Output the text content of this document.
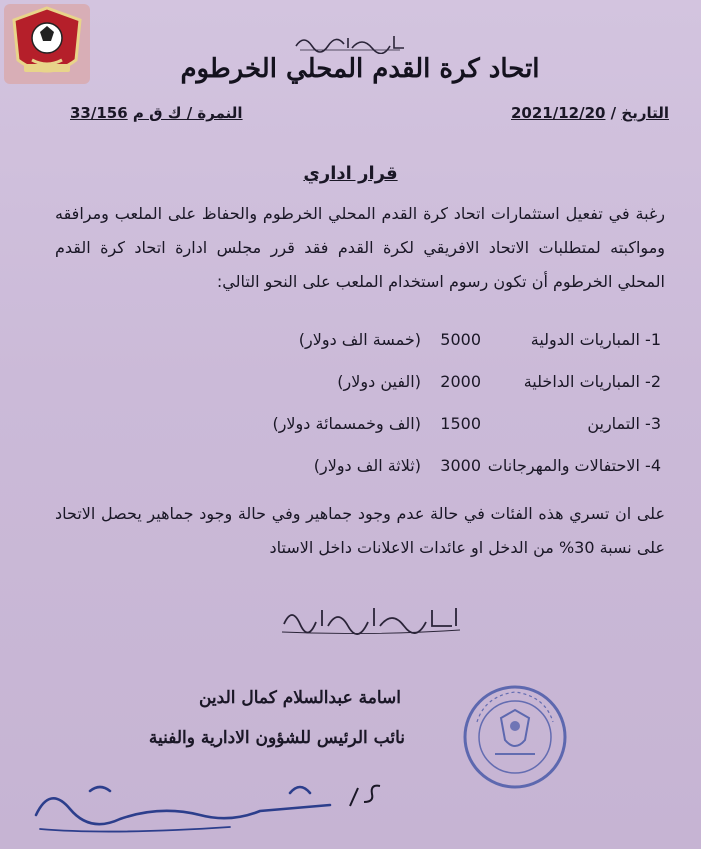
اتحاد كرة القدم المحلي الخرطوم
التاريخ / 2021/12/20
النمرة / ك ق م 33/156
قرار اداري
رغبة في تفعيل استثمارات اتحاد كرة القدم المحلي الخرطوم والحفاظ على الملعب ومرافقه ومواكبته لمتطلبات الاتحاد الافريقي لكرة القدم فقد قرر مجلس ادارة اتحاد كرة القدم المحلي الخرطوم أن تكون رسوم استخدام الملعب على النحو التالي:
1- المباريات الدولية
5000
(خمسة الف دولار)
2- المباريات الداخلية
2000
(الفين دولار)
3- التمارين
1500
(الف وخمسمائة دولار)
4- الاحتفالات والمهرجانات
3000
(ثلاثة الف دولار)
على ان تسري هذه الفئات في حالة عدم وجود جماهير وفي حالة وجود جماهير يحصل الاتحاد على نسبة 30% من الدخل او عائدات الاعلانات داخل الاستاد
اسامة عبدالسلام كمال الدين
نائب الرئيس للشؤون الادارية والفنية
